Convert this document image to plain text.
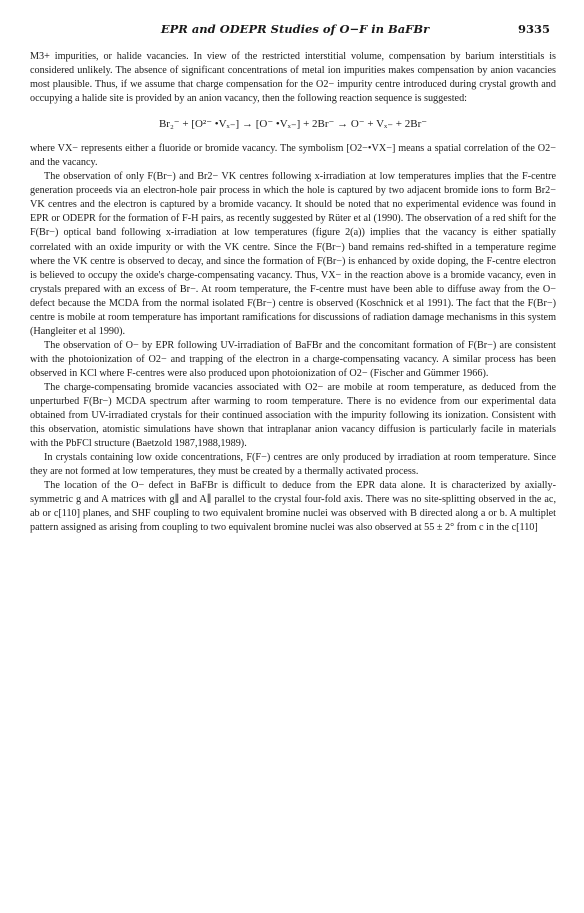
EPR and ODEPR Studies of O−F in BaFBr	9335

M3+ impurities, or halide vacancies. In view of the restricted interstitial volume, compensation by barium interstitials is considered unlikely. The absence of significant concentrations of metal ion impurities makes compensation by anion vacancies most plausible. Thus, if we assume that charge compensation for the O2− impurity centre introduced during crystal growth and occupying a halide site is provided by an anion vacancy, then the following reaction sequence is suggested:

Br₂⁻ + [O²⁻ •Vₓ₋] → [O⁻ •Vₓ₋] + 2Br⁻ → O⁻ + Vₓ₋ + 2Br⁻

where VX− represents either a fluoride or bromide vacancy. The symbolism [O2−•VX−] means a spatial correlation of the O2− and the vacancy.

The observation of only F(Br−) and Br2− VK centres following x-irradiation at low temperatures implies that the F-centre generation proceeds via an electron-hole pair process in which the hole is captured by two adjacent bromide ions to form Br2− VK centres and the electron is captured by a bromide vacancy. It should be noted that no experimental evidence was found in EPR or ODEPR for the formation of F-H pairs, as recently suggested by Rüter et al (1990). The observation of a red shift for the F(Br−) optical band following x-irradiation at low temperatures (figure 2(a)) implies that the vacancy is either spatially correlated with an oxide impurity or with the VK centre. Since the F(Br−) band remains red-shifted in a temperature regime where the VK centre is observed to decay, and since the formation of F(Br−) is enhanced by oxide doping, the F-centre electron is believed to occupy the oxide's charge-compensating vacancy. Thus, VX− in the reaction above is a bromide vacancy, even in crystals prepared with an excess of Br−. At room temperature, the F-centre must have been able to diffuse away from the O− defect because the MCDA from the normal isolated F(Br−) centre is observed (Koschnick et al 1991). The fact that the F(Br−) centre is mobile at room temperature has important ramifications for discussions of radiation damage mechanisms in this system (Hangleiter et al 1990).

The observation of O− by EPR following UV-irradiation of BaFBr and the concomitant formation of F(Br−) are consistent with the photoionization of O2− and trapping of the electron in a charge-compensating vacancy. A similar process has been observed in KCl where F-centres were also produced upon photoionization of O2− (Fischer and Gümmer 1966).

The charge-compensating bromide vacancies associated with O2− are mobile at room temperature, as deduced from the unperturbed F(Br−) MCDA spectrum after warming to room temperature. There is no evidence from our experimental data obtained from UV-irradiated crystals for their continued association with the impurity following its ionization. Consistent with this observation, atomistic simulations have shown that intraplanar anion vacancy diffusion is particularly facile in materials with the PbFCl structure (Baetzold 1987,1988,1989).

In crystals containing low oxide concentrations, F(F−) centres are only produced by irradiation at room temperature. Since they are not formed at low temperatures, they must be created by a thermally activated process.

The location of the O− defect in BaFBr is difficult to deduce from the EPR data alone. It is characterized by axially-symmetric g and A matrices with g∥ and A∥ parallel to the crystal four-fold axis. There was no site-splitting observed in the ac, ab or c[110] planes, and SHF coupling to two equivalent bromine nuclei was observed with B directed along a or b. A multiplet pattern assigned as arising from coupling to two equivalent bromine nuclei was also observed at 55 ± 2° from c in the c[110]
